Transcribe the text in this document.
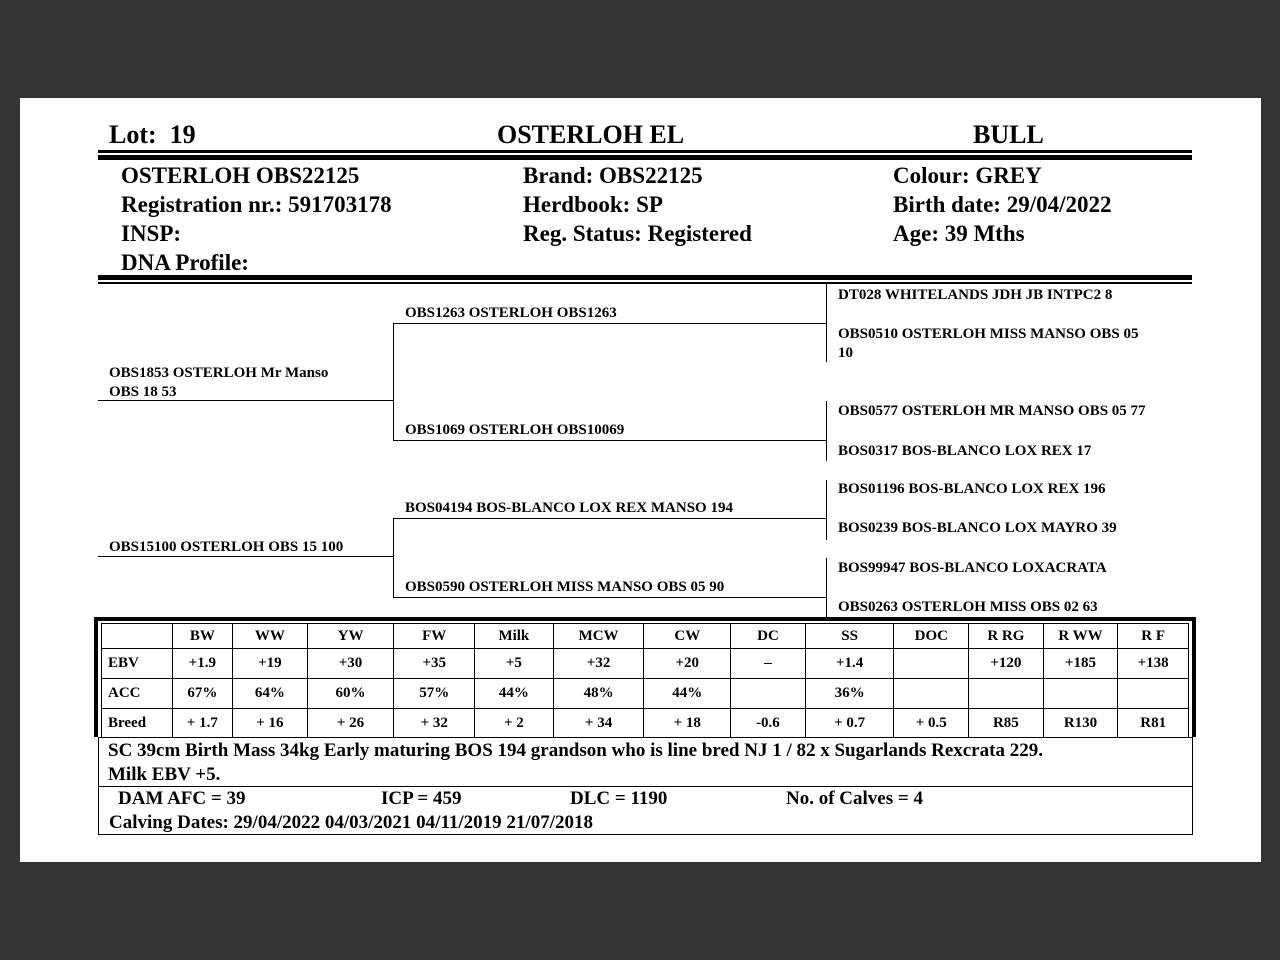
Lot: 19	OSTERLOH EL	BULL
OSTERLOH OBS22125
Registration nr.: 591703178
INSP:
DNA Profile:
Brand: OBS22125
Herdbook: SP
Reg. Status: Registered
Colour: GREY
Birth date: 29/04/2022
Age: 39 Mths
OBS1853 OSTERLOH Mr Manso
OBS 18 53
OBS15100 OSTERLOH OBS 15 100
OBS1263 OSTERLOH OBS1263
OBS1069 OSTERLOH OBS10069
BOS04194 BOS-BLANCO LOX REX MANSO 194
OBS0590 OSTERLOH MISS MANSO OBS 05 90
DT028 WHITELANDS JDH JB INTPC2 8
OBS0510 OSTERLOH MISS MANSO OBS 05
10
OBS0577 OSTERLOH MR MANSO OBS 05 77
BOS0317 BOS-BLANCO LOX REX 17
BOS01196 BOS-BLANCO LOX REX 196
BOS0239 BOS-BLANCO LOX MAYRO 39
BOS99947 BOS-BLANCO LOXACRATA
OBS0263 OSTERLOH MISS OBS 02 63
	BW	WW	YW	FW	Milk	MCW	CW	DC	SS	DOC	R RG	R WW	R F
EBV	+1.9	+19	+30	+35	+5	+32	+20	–	+1.4		+120	+185	+138
ACC	67%	64%	60%	57%	44%	48%	44%		36%				
Breed	+ 1.7	+ 16	+ 26	+ 32	+ 2	+ 34	+ 18	-0.6	+ 0.7	+ 0.5	R85	R130	R81
SC 39cm Birth Mass 34kg Early maturing BOS 194 grandson who is line bred NJ 1 / 82 x Sugarlands Rexcrata 229.
Milk EBV +5.
DAM AFC = 39	ICP = 459	DLC = 1190	No. of Calves = 4
Calving Dates: 29/04/2022 04/03/2021 04/11/2019 21/07/2018
